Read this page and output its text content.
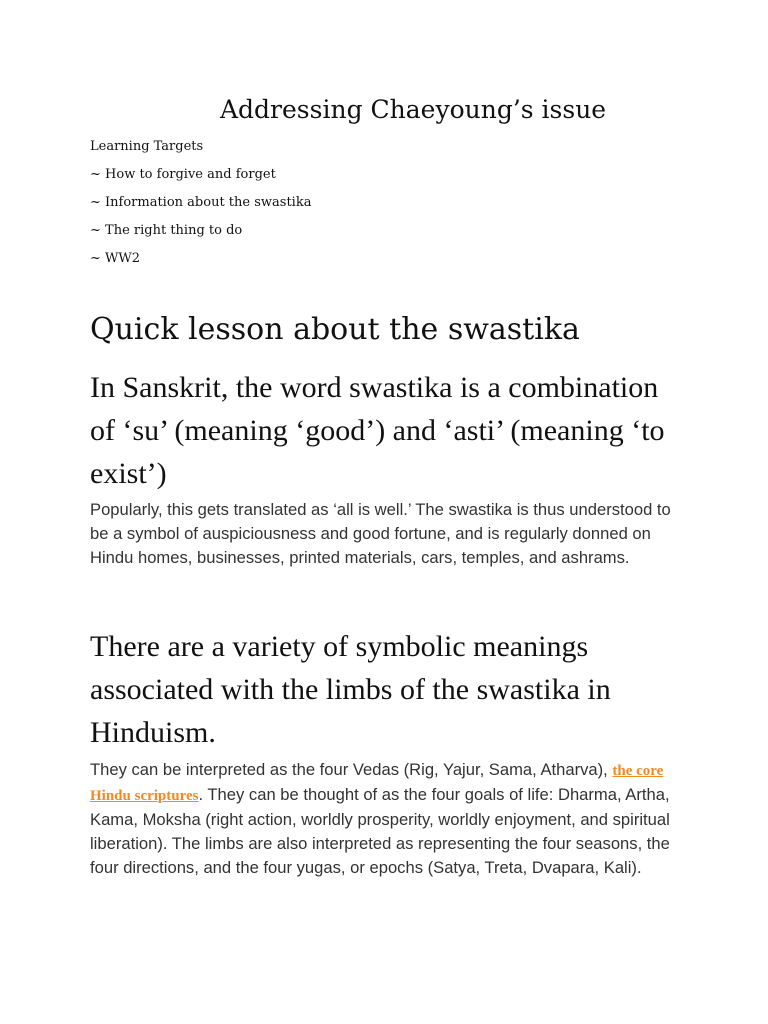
Addressing Chaeyoung’s issue
Learning Targets
~ How to forgive and forget
~ Information about the swastika
~ The right thing to do
~ WW2
Quick lesson about the swastika

In Sanskrit, the word swastika is a combination of ‘su’ (meaning ‘good’) and ‘asti’ (meaning ‘to exist’)

Popularly, this gets translated as ‘all is well.’ The swastika is thus understood to be a symbol of auspiciousness and good fortune, and is regularly donned on Hindu homes, businesses, printed materials, cars, temples, and ashrams.

There are a variety of symbolic meanings associated with the limbs of the swastika in Hinduism.

They can be interpreted as the four Vedas (Rig, Yajur, Sama, Atharva), the core Hindu scriptures. They can be thought of as the four goals of life: Dharma, Artha, Kama, Moksha (right action, worldly prosperity, worldly enjoyment, and spiritual liberation). The limbs are also interpreted as representing the four seasons, the four directions, and the four yugas, or epochs (Satya, Treta, Dvapara, Kali).
